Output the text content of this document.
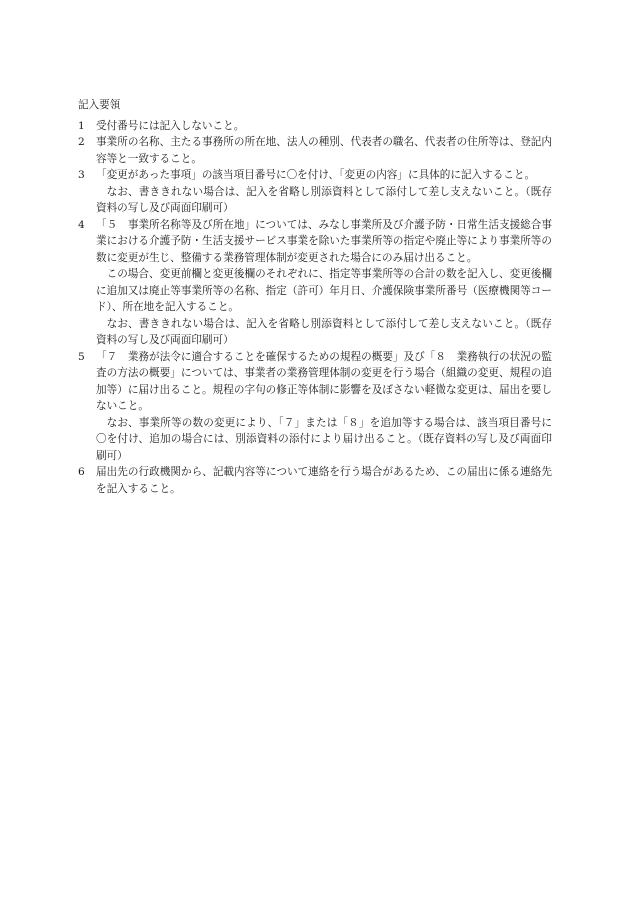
記入要領
1	受付番号には記入しないこと。

2	事業所の名称、主たる事務所の所在地、法人の種別、代表者の職名、代表者の住所等は、登記内容等と一致すること。

3	「変更があった事項」の該当項目番号に〇を付け、「変更の内容」に具体的に記入すること。

なお、書ききれない場合は、記入を省略し別添資料として添付して差し支えないこと。（既存資料の写し及び両面印刷可）

4	「５　事業所名称等及び所在地」については、みなし事業所及び介護予防・日常生活支援総合事業における介護予防・生活支援サービス事業を除いた事業所等の指定や廃止等により事業所等の数に変更が生じ、整備する業務管理体制が変更された場合にのみ届け出ること。

この場合、変更前欄と変更後欄のそれぞれに、指定等事業所等の合計の数を記入し、変更後欄に追加又は廃止等事業所等の名称、指定（許可）年月日、介護保険事業所番号（医療機関等コード）、所在地を記入すること。

なお、書ききれない場合は、記入を省略し別添資料として添付して差し支えないこと。（既存資料の写し及び両面印刷可）

5	「７　業務が法令に適合することを確保するための規程の概要」及び「８　業務執行の状況の監査の方法の概要」については、事業者の業務管理体制の変更を行う場合（組織の変更、規程の追加等）に届け出ること。規程の字句の修正等体制に影響を及ぼさない軽微な変更は、届出を要しないこと。

なお、事業所等の数の変更により、「７」または「８」を追加等する場合は、該当項目番号に〇を付け、追加の場合には、別添資料の添付により届け出ること。（既存資料の写し及び両面印刷可）

6	届出先の行政機関から、記載内容等について連絡を行う場合があるため、この届出に係る連絡先を記入すること。
